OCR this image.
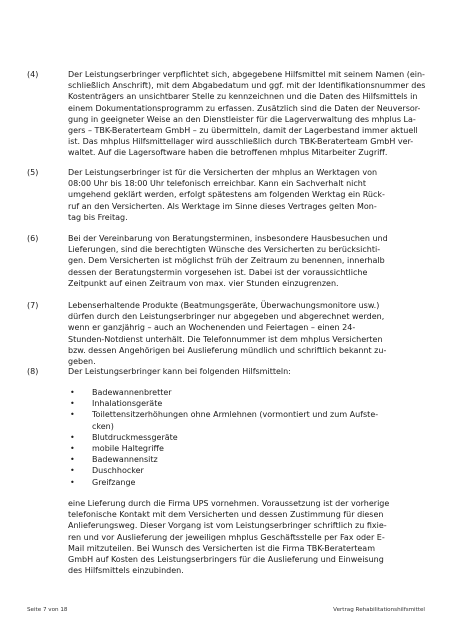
(4)	Der Leistungserbringer verpflichtet sich, abgegebene Hilfsmittel mit seinem Namen (ein-
schließlich Anschrift), mit dem Abgabedatum und ggf. mit der Identifikationsnummer des
Kostenträgers an unsichtbarer Stelle zu kennzeichnen und die Daten des Hilfsmittels in
einem Dokumentationsprogramm zu erfassen. Zusätzlich sind die Daten der Neuversor-
gung in geeigneter Weise an den Dienstleister für die Lagerverwaltung des mhplus La-
gers – TBK-Beraterteam GmbH – zu übermitteln, damit der Lagerbestand immer aktuell
ist. Das mhplus Hilfsmittellager wird ausschließlich durch TBK-Beraterteam GmbH ver-
waltet. Auf die Lagersoftware haben die betroffenen mhplus Mitarbeiter Zugriff.
(5)	Der Leistungserbringer ist für die Versicherten der mhplus an Werktagen von
08:00 Uhr bis 18:00 Uhr telefonisch erreichbar. Kann ein Sachverhalt nicht
umgehend geklärt werden, erfolgt spätestens am folgenden Werktag ein Rück-
ruf an den Versicherten. Als Werktage im Sinne dieses Vertrages gelten Mon-
tag bis Freitag.
(6)	Bei der Vereinbarung von Beratungsterminen, insbesondere Hausbesuchen und
Lieferungen, sind die berechtigten Wünsche des Versicherten zu berücksichti-
gen. Dem Versicherten ist möglichst früh der Zeitraum zu benennen, innerhalb
dessen der Beratungstermin vorgesehen ist. Dabei ist der voraussichtliche
Zeitpunkt auf einen Zeitraum von max. vier Stunden einzugrenzen.
(7)	Lebenserhaltende Produkte (Beatmungsgeräte, Überwachungsmonitore usw.)
dürfen durch den Leistungserbringer nur abgegeben und abgerechnet werden,
wenn er ganzjährig – auch an Wochenenden und Feiertagen – einen 24-
Stunden-Notdienst unterhält. Die Telefonnummer ist dem mhplus Versicherten
bzw. dessen Angehörigen bei Auslieferung mündlich und schriftlich bekannt zu-
geben.
(8)	Der Leistungserbringer kann bei folgenden Hilfsmitteln:
• Badewannenbretter
• Inhalationsgeräte
• Toilettensitzerhöhungen ohne Armlehnen (vormontiert und zum Aufste-
cken)
• Blutdruckmessgeräte
• mobile Haltegriffe
• Badewannensitz
• Duschhocker
• Greifzange
eine Lieferung durch die Firma UPS vornehmen. Voraussetzung ist der vorherige
telefonische Kontakt mit dem Versicherten und dessen Zustimmung für diesen
Anlieferungsweg. Dieser Vorgang ist vom Leistungserbringer schriftlich zu fixie-
ren und vor Auslieferung der jeweiligen mhplus Geschäftsstelle per Fax oder E-
Mail mitzuteilen. Bei Wunsch des Versicherten ist die Firma TBK-Beraterteam
GmbH auf Kosten des Leistungserbringers für die Auslieferung und Einweisung
des Hilfsmittels einzubinden.
Seite 7 von 18	Vertrag Rehabilitationshilfsmittel
